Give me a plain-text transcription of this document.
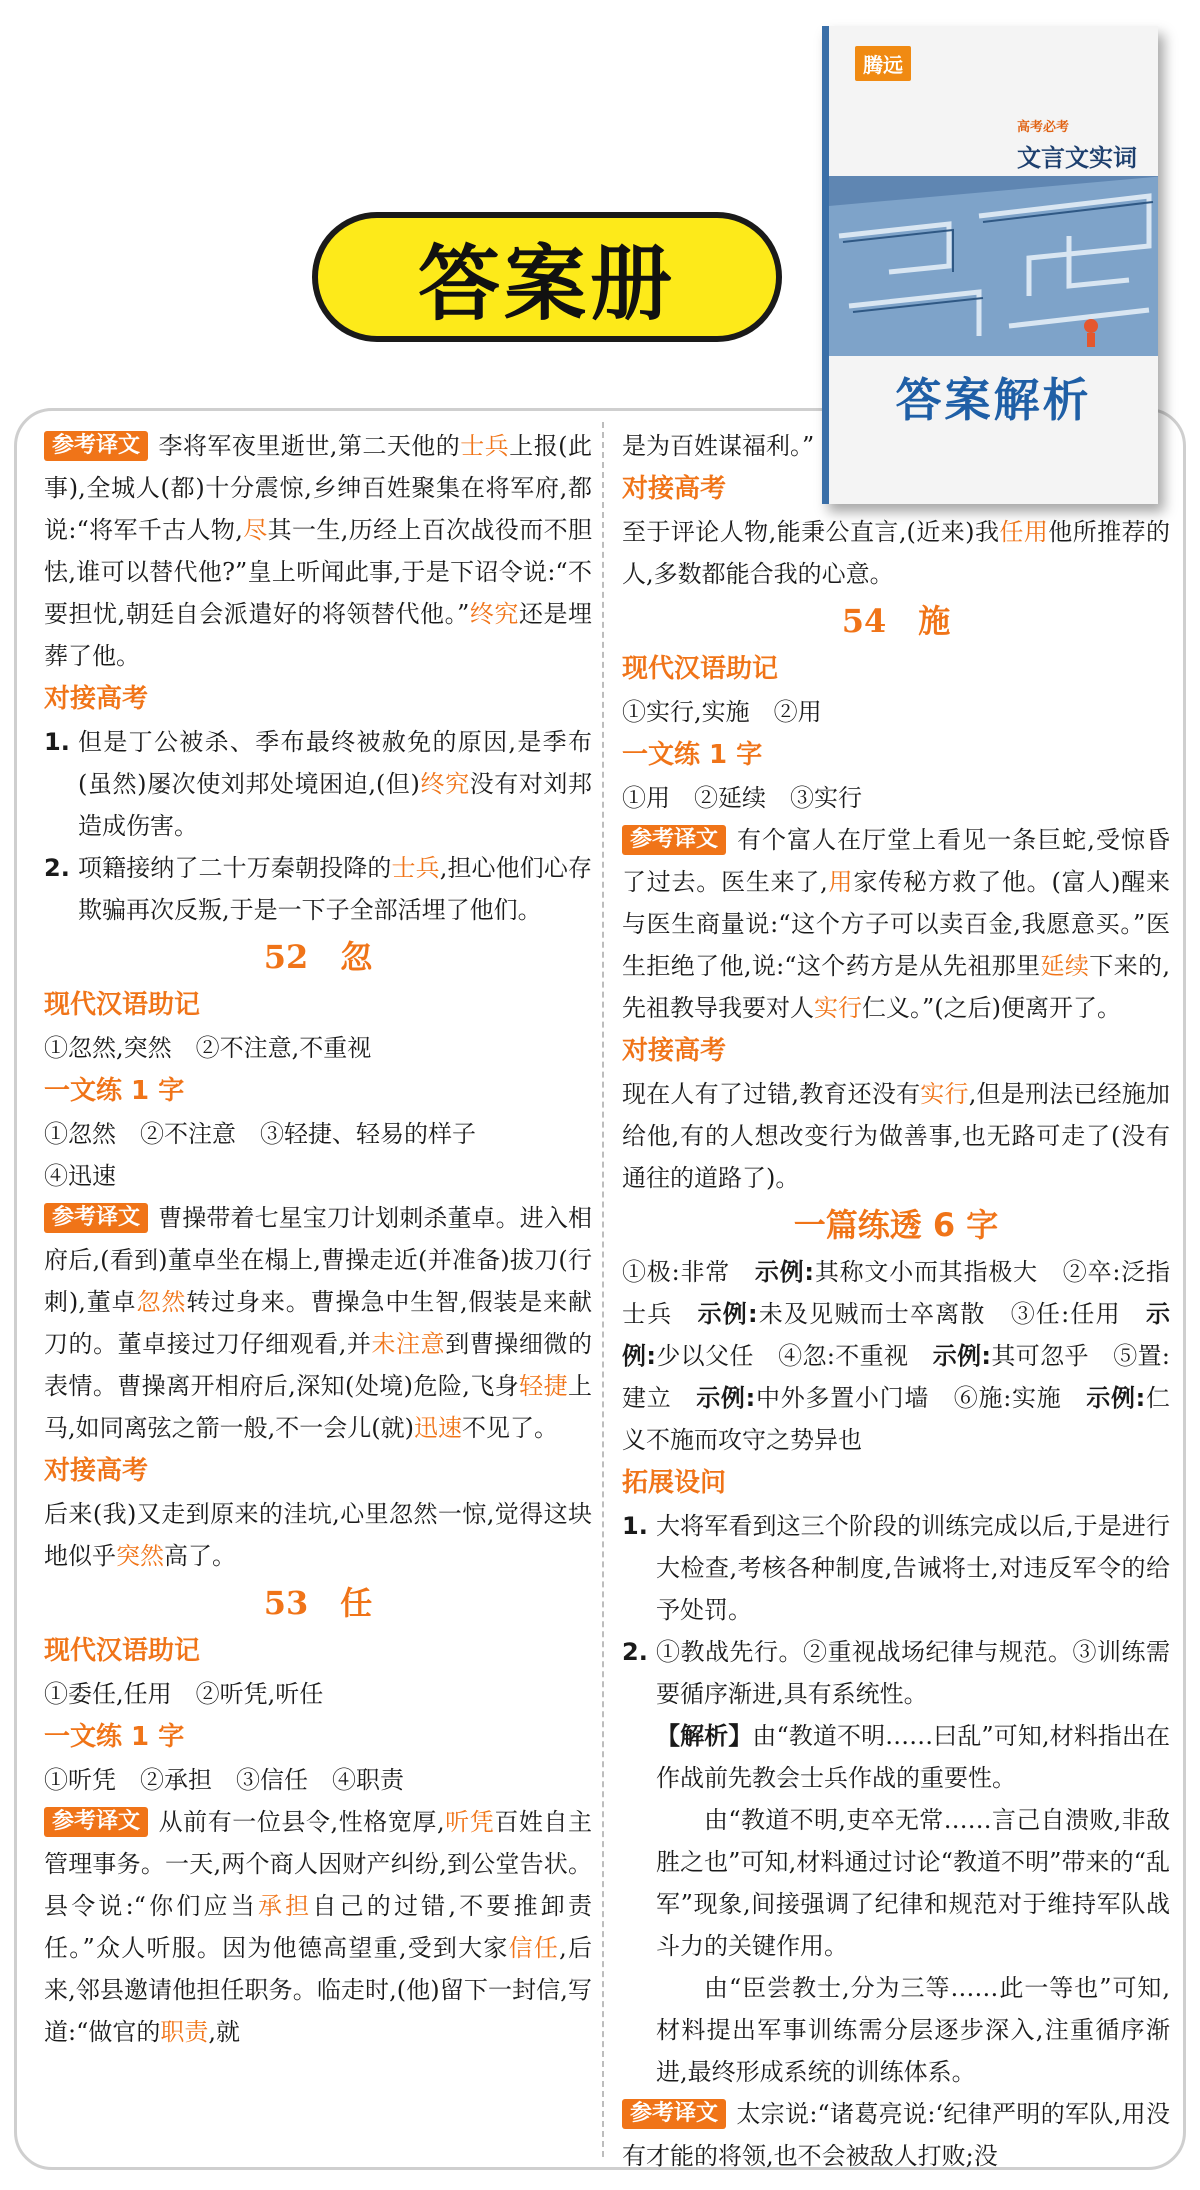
答案册

参考译文 李将军夜里逝世,第二天他的士兵上报(此事),全城人(都)十分震惊,乡绅百姓聚集在将军府,都说:“将军千古人物,尽其一生,历经上百次战役而不胆怯,谁可以替代他?”皇上听闻此事,于是下诏令说:“不要担忧,朝廷自会派遣好的将领替代他。”终究还是埋葬了他。

对接高考
1. 但是丁公被杀、季布最终被赦免的原因,是季布(虽然)屡次使刘邦处境困迫,(但)终究没有对刘邦造成伤害。
2. 项籍接纳了二十万秦朝投降的士兵,担心他们心存欺骗再次反叛,于是一下子全部活埋了他们。
52　忽
现代汉语助记

①忽然,突然　②不注意,不重视

一文练 1 字

①忽然　②不注意　③轻捷、轻易的样子

④迅速

参考译文 曹操带着七星宝刀计划刺杀董卓。进入相府后,(看到)董卓坐在榻上,曹操走近(并准备)拔刀(行刺),董卓忽然转过身来。曹操急中生智,假装是来献刀的。董卓接过刀仔细观看,并未注意到曹操细微的表情。曹操离开相府后,深知(处境)危险,飞身轻捷上马,如同离弦之箭一般,不一会儿(就)迅速不见了。

对接高考

后来(我)又走到原来的洼坑,心里忽然一惊,觉得这块地似乎突然高了。

53　任
现代汉语助记

①委任,任用　②听凭,听任

一文练 1 字

①听凭　②承担　③信任　④职责

参考译文 从前有一位县令,性格宽厚,听凭百姓自主管理事务。一天,两个商人因财产纠纷,到公堂告状。县令说:“你们应当承担自己的过错,不要推卸责任。”众人听服。因为他德高望重,受到大家信任,后来,邻县邀请他担任职务。临走时,(他)留下一封信,写道:“做官的职责,就

是为百姓谋福利。”

对接高考

至于评论人物,能秉公直言,(近来)我任用他所推荐的人,多数都能合我的心意。

54　施
现代汉语助记

①实行,实施　②用

一文练 1 字

①用　②延续　③实行

参考译文 有个富人在厅堂上看见一条巨蛇,受惊昏了过去。医生来了,用家传秘方救了他。(富人)醒来与医生商量说:“这个方子可以卖百金,我愿意买。”医生拒绝了他,说:“这个药方是从先祖那里延续下来的,先祖教导我要对人实行仁义。”(之后)便离开了。

对接高考

现在人有了过错,教育还没有实行,但是刑法已经施加给他,有的人想改变行为做善事,也无路可走了(没有通往的道路了)。

一篇练透 6 字

①极:非常　示例:其称文小而其指极大　②卒:泛指士兵　示例:未及见贼而士卒离散　③任:任用　示例:少以父任　④忽:不重视　示例:其可忽乎　⑤置:建立　示例:中外多置小门墙　⑥施:实施　示例:仁义不施而攻守之势异也

拓展设问
1. 大将军看到这三个阶段的训练完成以后,于是进行大检查,考核各种制度,告诫将士,对违反军令的给予处罚。
2. ①教战先行。②重视战场纪律与规范。③训练需要循序渐进,具有系统性。

【解析】由“教道不明……曰乱”可知,材料指出在作战前先教会士兵作战的重要性。

由“教道不明,吏卒无常……言己自溃败,非敌胜之也”可知,材料通过讨论“教道不明”带来的“乱军”现象,间接强调了纪律和规范对于维持军队战斗力的关键作用。

由“臣尝教士,分为三等……此一等也”可知,材料提出军事训练需分层逐步深入,注重循序渐进,最终形成系统的训练体系。

参考译文 太宗说:“诸葛亮说:‘纪律严明的军队,用没有才能的将领,也不会被敌人打败;没

腾远
高考必考
文言文实词
答案解析
